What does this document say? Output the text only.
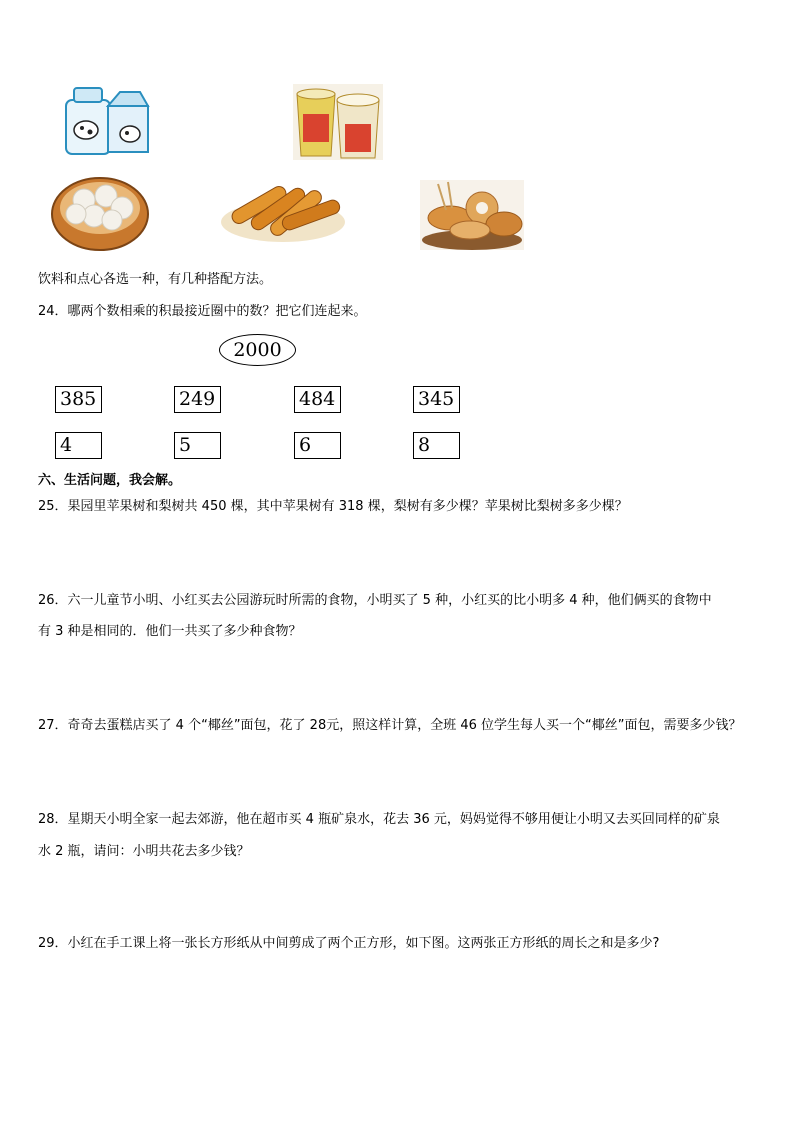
饮料和点心各选一种，有几种搭配方法。
24．哪两个数相乘的积最接近圈中的数？把它们连起来。
2000
385	249	484	345
4	5	6	8
六、生活问题，我会解。
25．果园里苹果树和梨树共 450 棵，其中苹果树有 318 棵，梨树有多少棵？苹果树比梨树多多少棵？
26．六一儿童节小明、小红买去公园游玩时所需的食物，小明买了 5 种，小红买的比小明多 4 种，他们俩买的食物中
有 3 种是相同的．他们一共买了多少种食物？
27．奇奇去蛋糕店买了 4 个“椰丝”面包，花了 28元，照这样计算，全班 46 位学生每人买一个“椰丝”面包，需要多少钱？
28．星期天小明全家一起去郊游，他在超市买 4 瓶矿泉水，花去 36 元，妈妈觉得不够用便让小明又去买回同样的矿泉
水 2 瓶，请问：小明共花去多少钱？
29．小红在手工课上将一张长方形纸从中间剪成了两个正方形，如下图。这两张正方形纸的周长之和是多少?
